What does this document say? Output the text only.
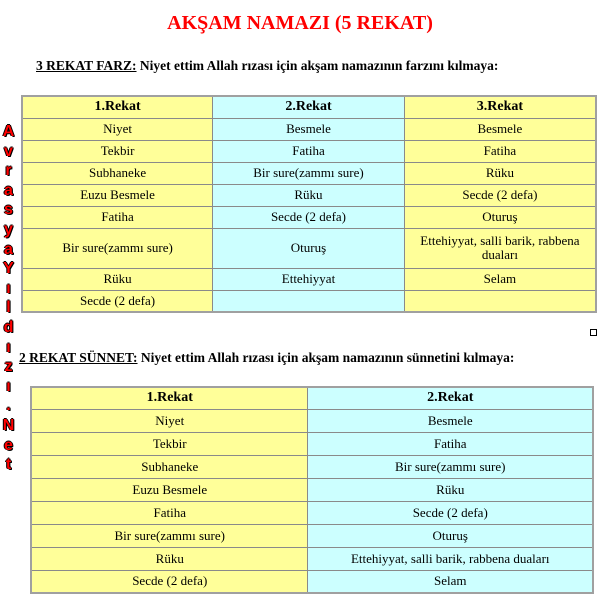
AKŞAM NAMAZI (5 REKAT)
3 REKAT FARZ: Niyet ettim Allah rızası için akşam namazının farzını kılmaya:
1.Rekat	2.Rekat	3.Rekat
Niyet	Besmele	Besmele
Tekbir	Fatiha	Fatiha
Subhaneke	Bir sure(zammı sure)	Rüku
Euzu Besmele	Rüku	Secde (2 defa)
Fatiha	Secde (2 defa)	Oturuş
Bir sure(zammı sure)	Oturuş	Ettehiyyat, salli barik, rabbena duaları
Rüku	Ettehiyyat	Selam
Secde (2 defa)		
2 REKAT SÜNNET: Niyet ettim Allah rızası için akşam namazının sünnetini kılmaya:
1.Rekat	2.Rekat
Niyet	Besmele
Tekbir	Fatiha
Subhaneke	Bir sure(zammı sure)
Euzu Besmele	Rüku
Fatiha	Secde (2 defa)
Bir sure(zammı sure)	Oturuş
Rüku	Ettehiyyat, salli barik, rabbena duaları
Secde (2 defa)	Selam
A
v
r
a
s
y
a
Y
ı
l
d
ı
z
ı
.
N
e
t
